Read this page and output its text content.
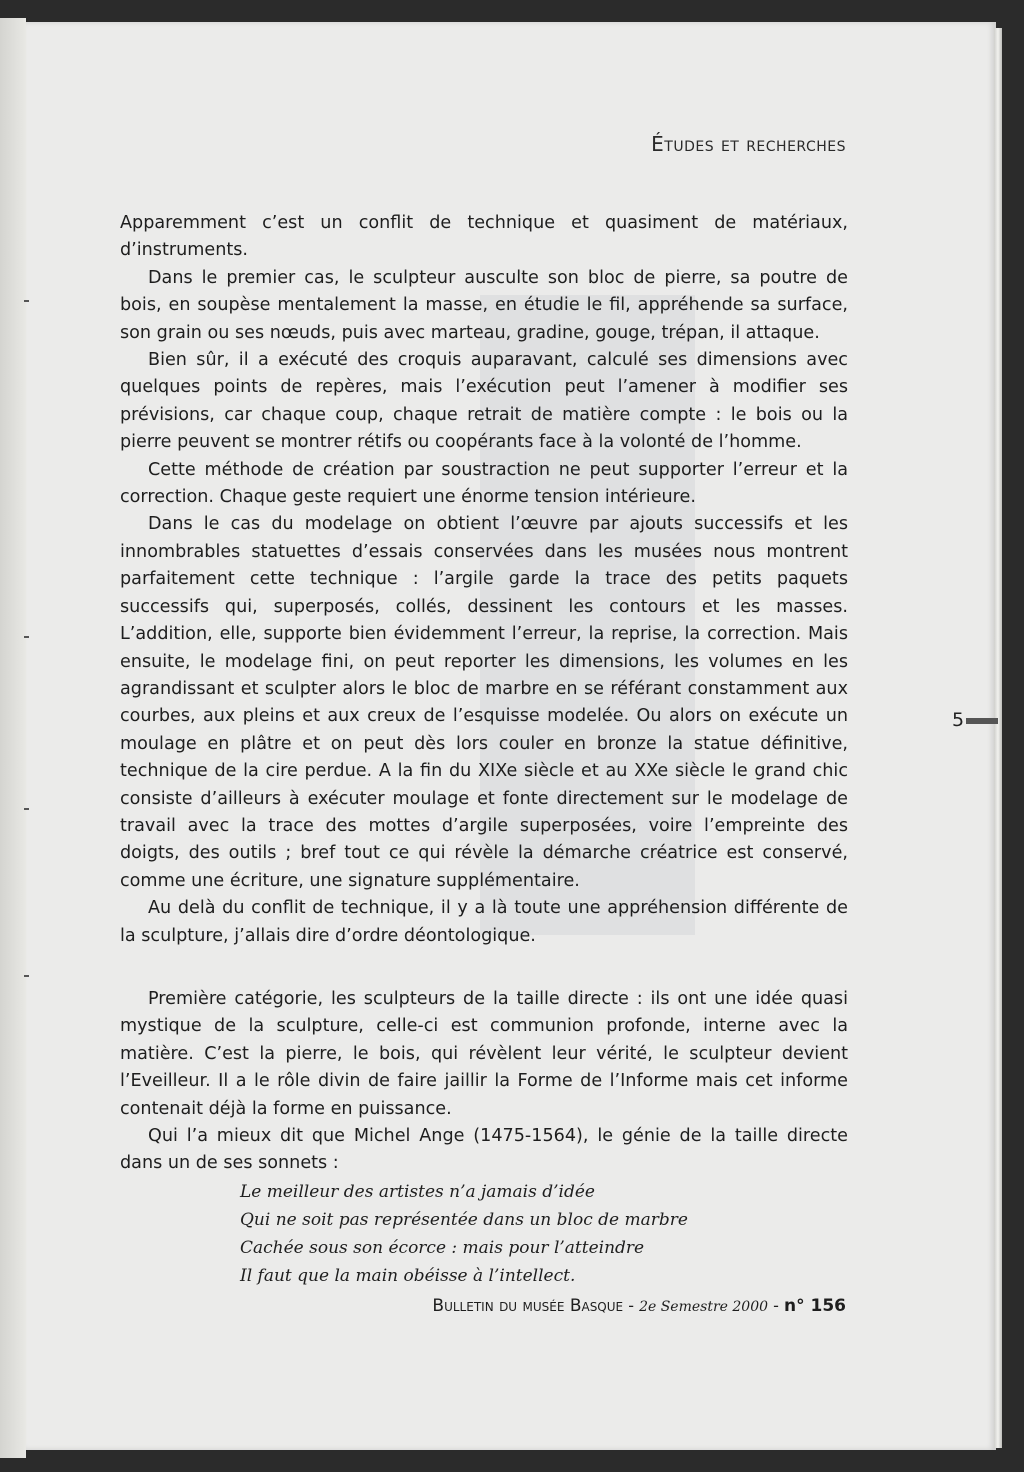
Études et recherches

Apparemment c’est un conflit de technique et quasiment de matériaux, d’instruments.

Dans le premier cas, le sculpteur ausculte son bloc de pierre, sa poutre de bois, en soupèse mentalement la masse, en étudie le fil, appréhende sa surface, son grain ou ses nœuds, puis avec marteau, gradine, gouge, trépan, il attaque.

Bien sûr, il a exécuté des croquis auparavant, calculé ses dimensions avec quelques points de repères, mais l’exécution peut l’amener à modifier ses prévisions, car chaque coup, chaque retrait de matière compte : le bois ou la pierre peuvent se montrer rétifs ou coopérants face à la volonté de l’homme.

Cette méthode de création par soustraction ne peut supporter l’erreur et la correction. Chaque geste requiert une énorme tension intérieure.

Dans le cas du modelage on obtient l’œuvre par ajouts successifs et les innombrables statuettes d’essais conservées dans les musées nous montrent parfaitement cette technique : l’argile garde la trace des petits paquets successifs qui, superposés, collés, dessinent les contours et les masses. L’addition, elle, supporte bien évidemment l’erreur, la reprise, la correction. Mais ensuite, le modelage fini, on peut reporter les dimensions, les volumes en les agrandissant et sculpter alors le bloc de marbre en se référant constamment aux courbes, aux pleins et aux creux de l’esquisse modelée. Ou alors on exécute un moulage en plâtre et on peut dès lors couler en bronze la statue définitive, technique de la cire perdue. A la fin du XIXe siècle et au XXe siècle le grand chic consiste d’ailleurs à exécuter moulage et fonte directement sur le modelage de travail avec la trace des mottes d’argile superposées, voire l’empreinte des doigts, des outils ; bref tout ce qui révèle la démarche créatrice est conservé, comme une écriture, une signature supplémentaire.

Au delà du conflit de technique, il y a là toute une appréhension différente de la sculpture, j’allais dire d’ordre déontologique.

Première catégorie, les sculpteurs de la taille directe : ils ont une idée quasi mystique de la sculpture, celle-ci est communion profonde, interne avec la matière. C’est la pierre, le bois, qui révèlent leur vérité, le sculpteur devient l’Eveilleur. Il a le rôle divin de faire jaillir la Forme de l’Informe mais cet informe contenait déjà la forme en puissance.

Qui l’a mieux dit que Michel Ange (1475-1564), le génie de la taille directe dans un de ses sonnets :

Le meilleur des artistes n’a jamais d’idée

Qui ne soit pas représentée dans un bloc de marbre

Cachée sous son écorce : mais pour l’atteindre

Il faut que la main obéisse à l’intellect.

5
Bulletin du musée Basque - 2e Semestre 2000 - n° 156
